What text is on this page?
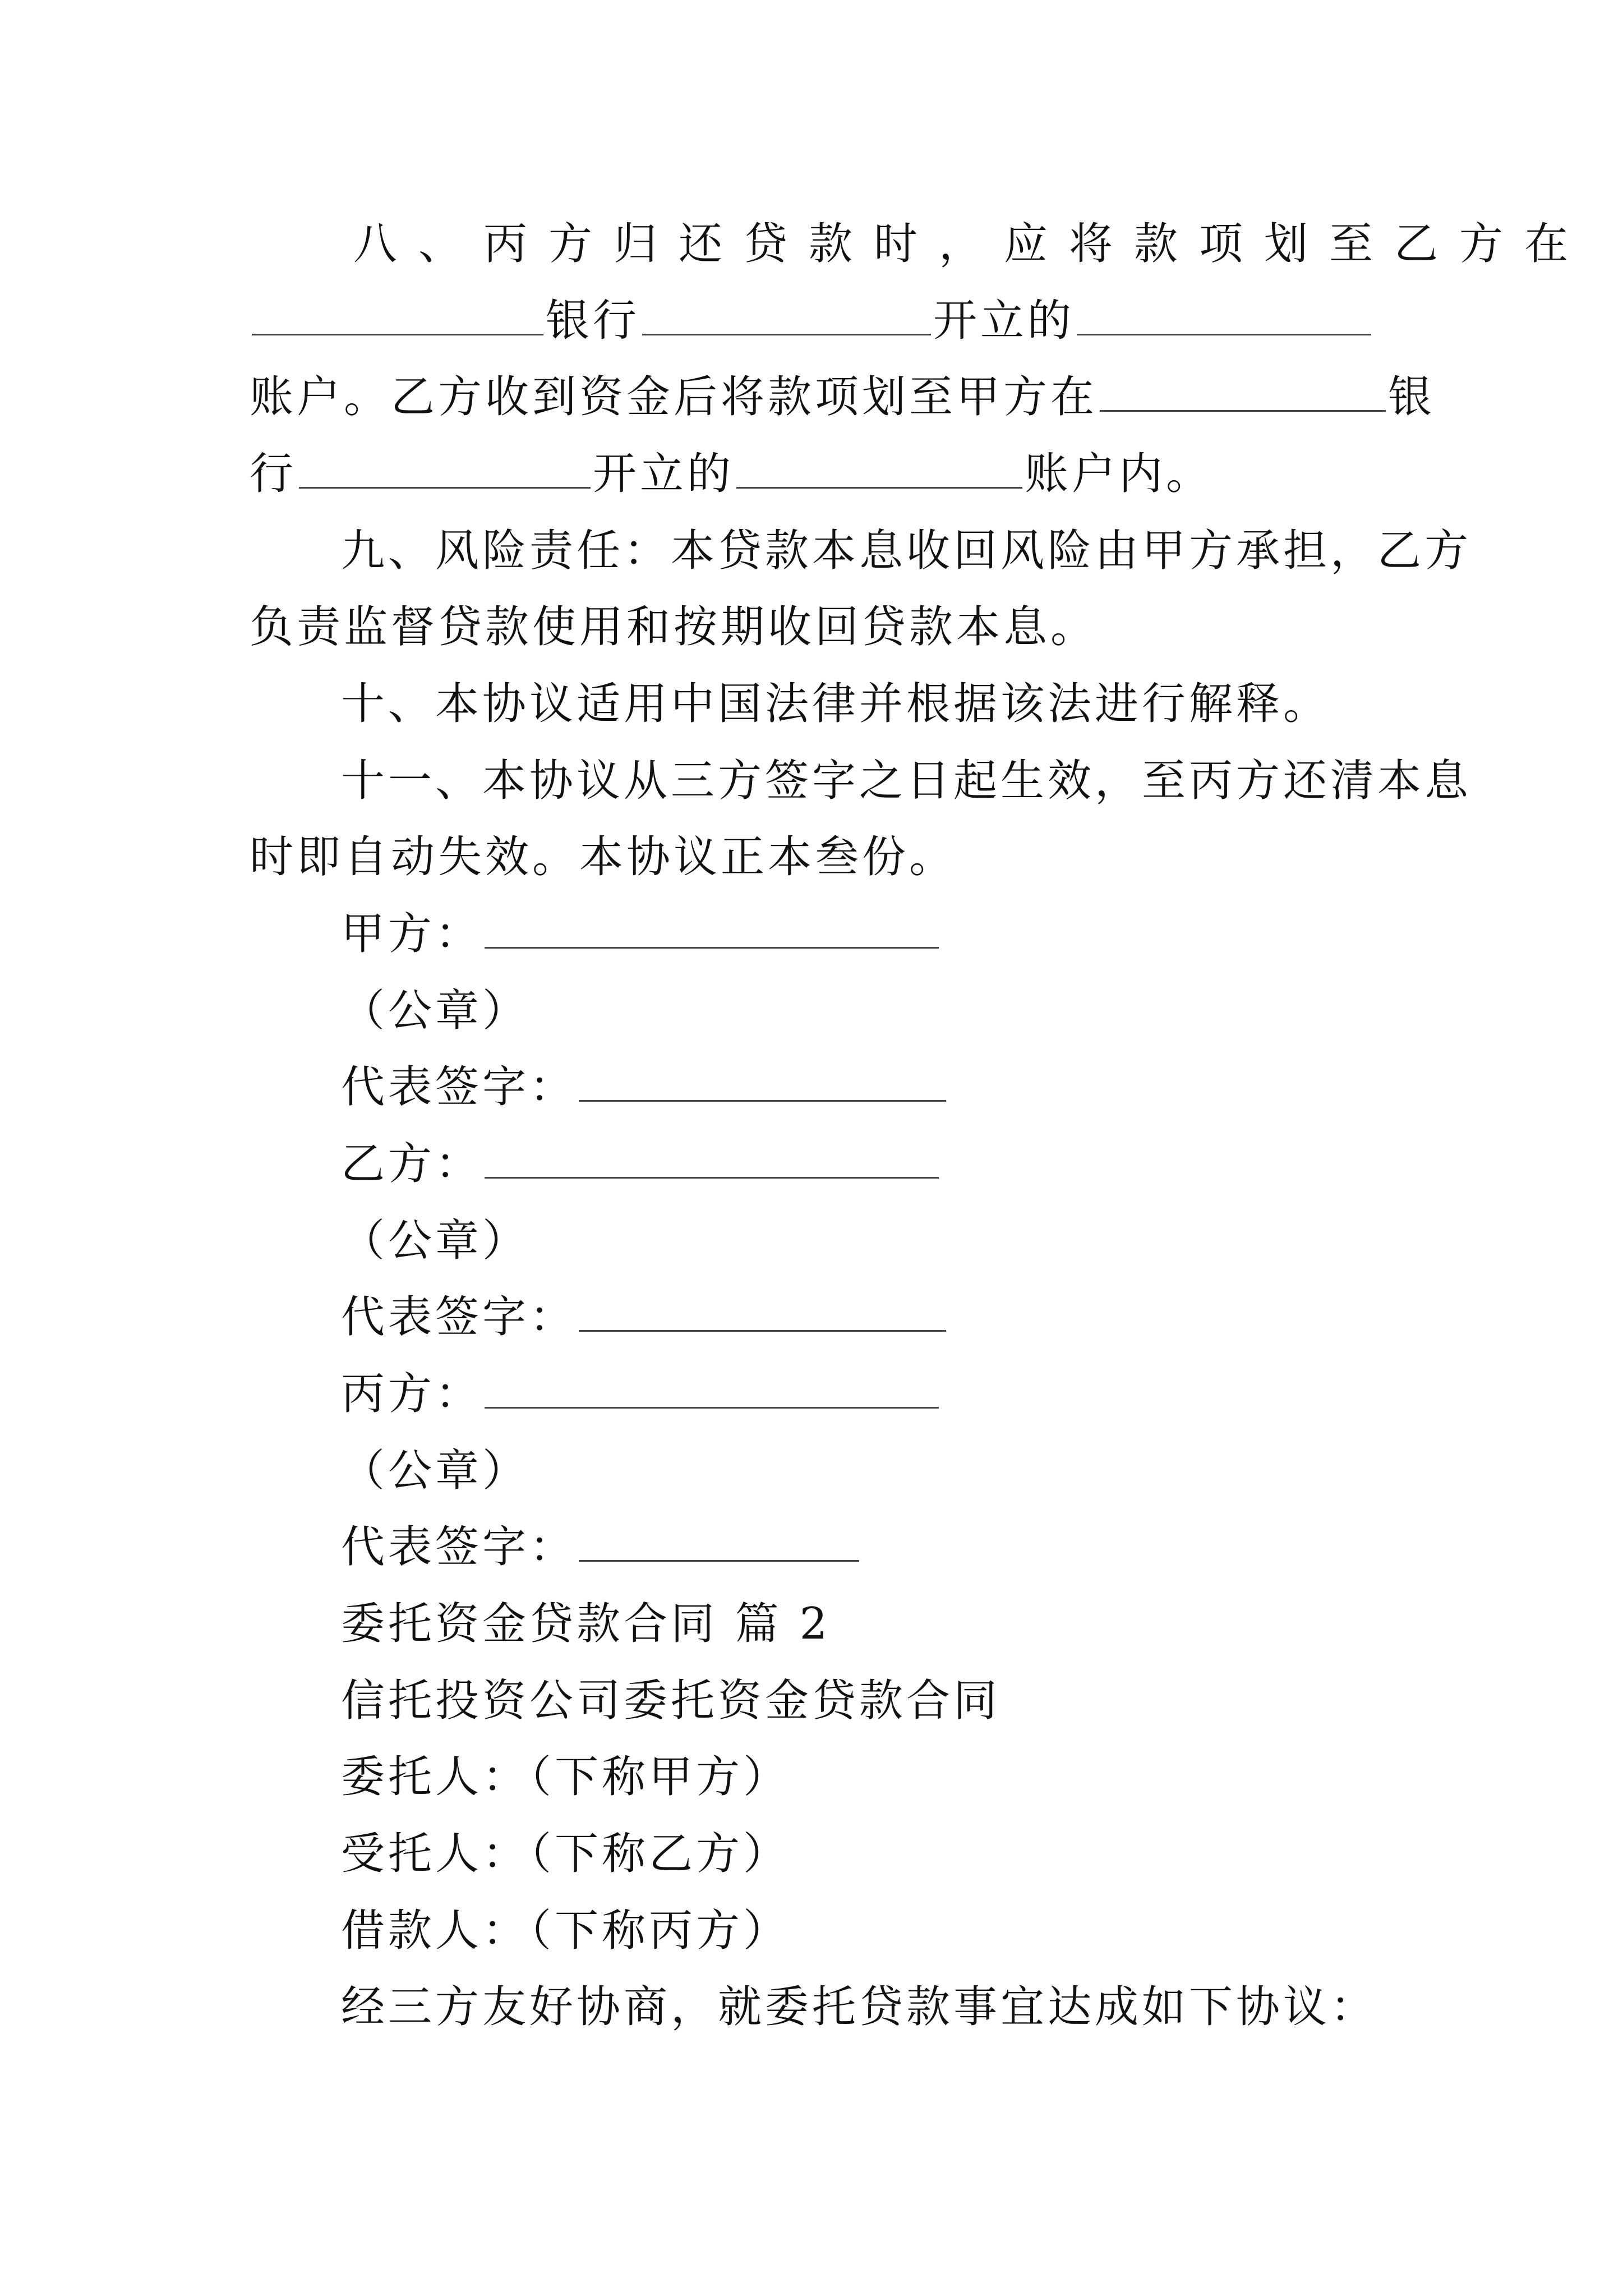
八、丙方归还贷款时，应将款项划至乙方在
银行	开立的
账户。乙方收到资金后将款项划至甲方在	银
行	开立的	账户内。
九、风险责任：本贷款本息收回风险由甲方承担，乙方
负责监督贷款使用和按期收回贷款本息。
十、本协议适用中国法律并根据该法进行解释。
十一、本协议从三方签字之日起生效，至丙方还清本息
时即自动失效。本协议正本叁份。
甲方：
（公章）
代表签字：
乙方：
（公章）
代表签字：
丙方：
（公章）
代表签字：
委托资金贷款合同 篇 2
信托投资公司委托资金贷款合同
委托人：（下称甲方）
受托人：（下称乙方）
借款人：（下称丙方）
经三方友好协商，就委托贷款事宜达成如下协议：
